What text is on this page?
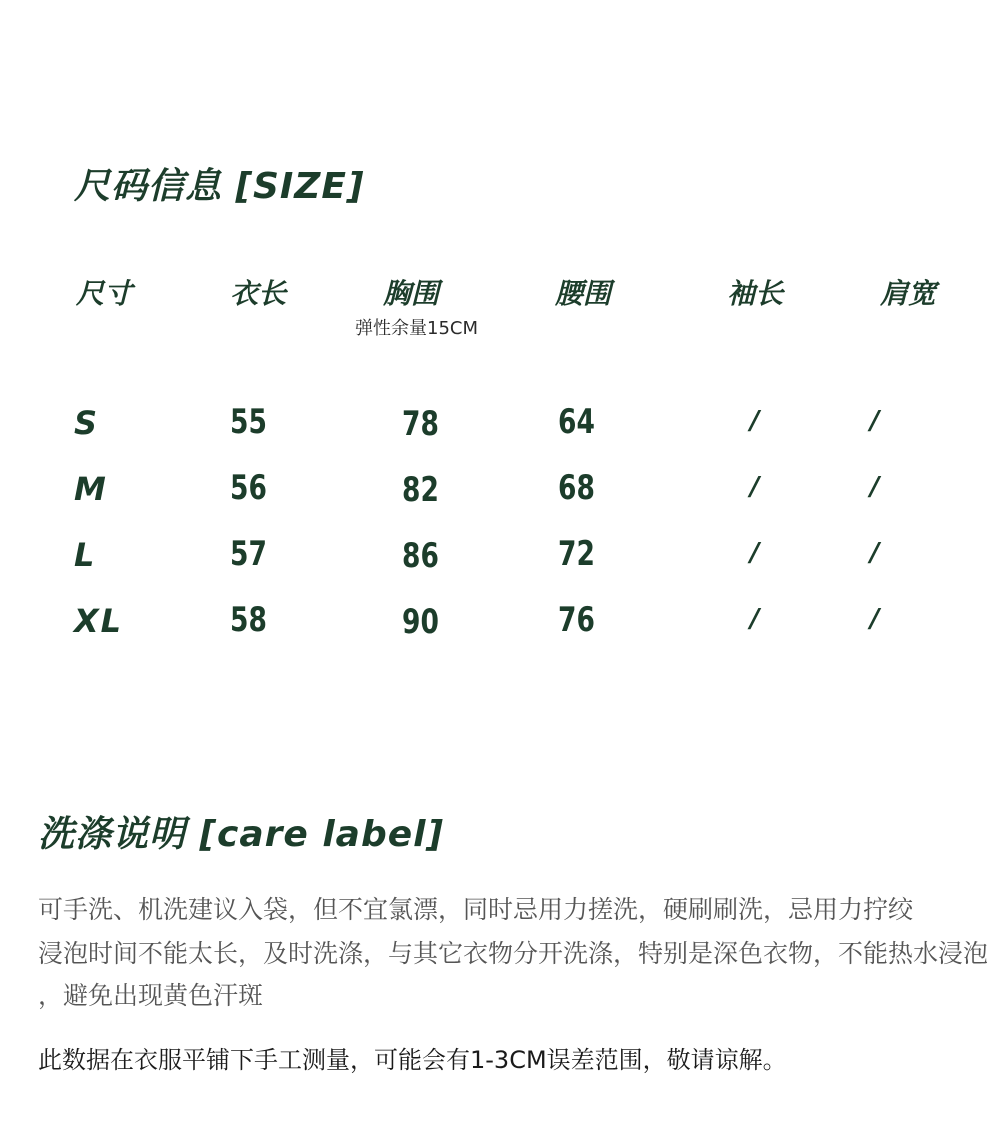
尺码信息 [SIZE]
尺寸	衣长	胸围	腰围	袖长	肩宽
弹性余量15CM
S	55	78	64	/	/
M	56	82	68	/	/
L	57	86	72	/	/
XL	58	90	76	/	/
洗涤说明 [care label]
可手洗、机洗建议入袋，但不宜氯漂，同时忌用力搓洗，硬刷刷洗，忌用力拧绞
浸泡时间不能太长，及时洗涤，与其它衣物分开洗涤，特别是深色衣物，不能热水浸泡
，避免出现黄色汗斑
此数据在衣服平铺下手工测量，可能会有1-3CM误差范围，敬请谅解。
